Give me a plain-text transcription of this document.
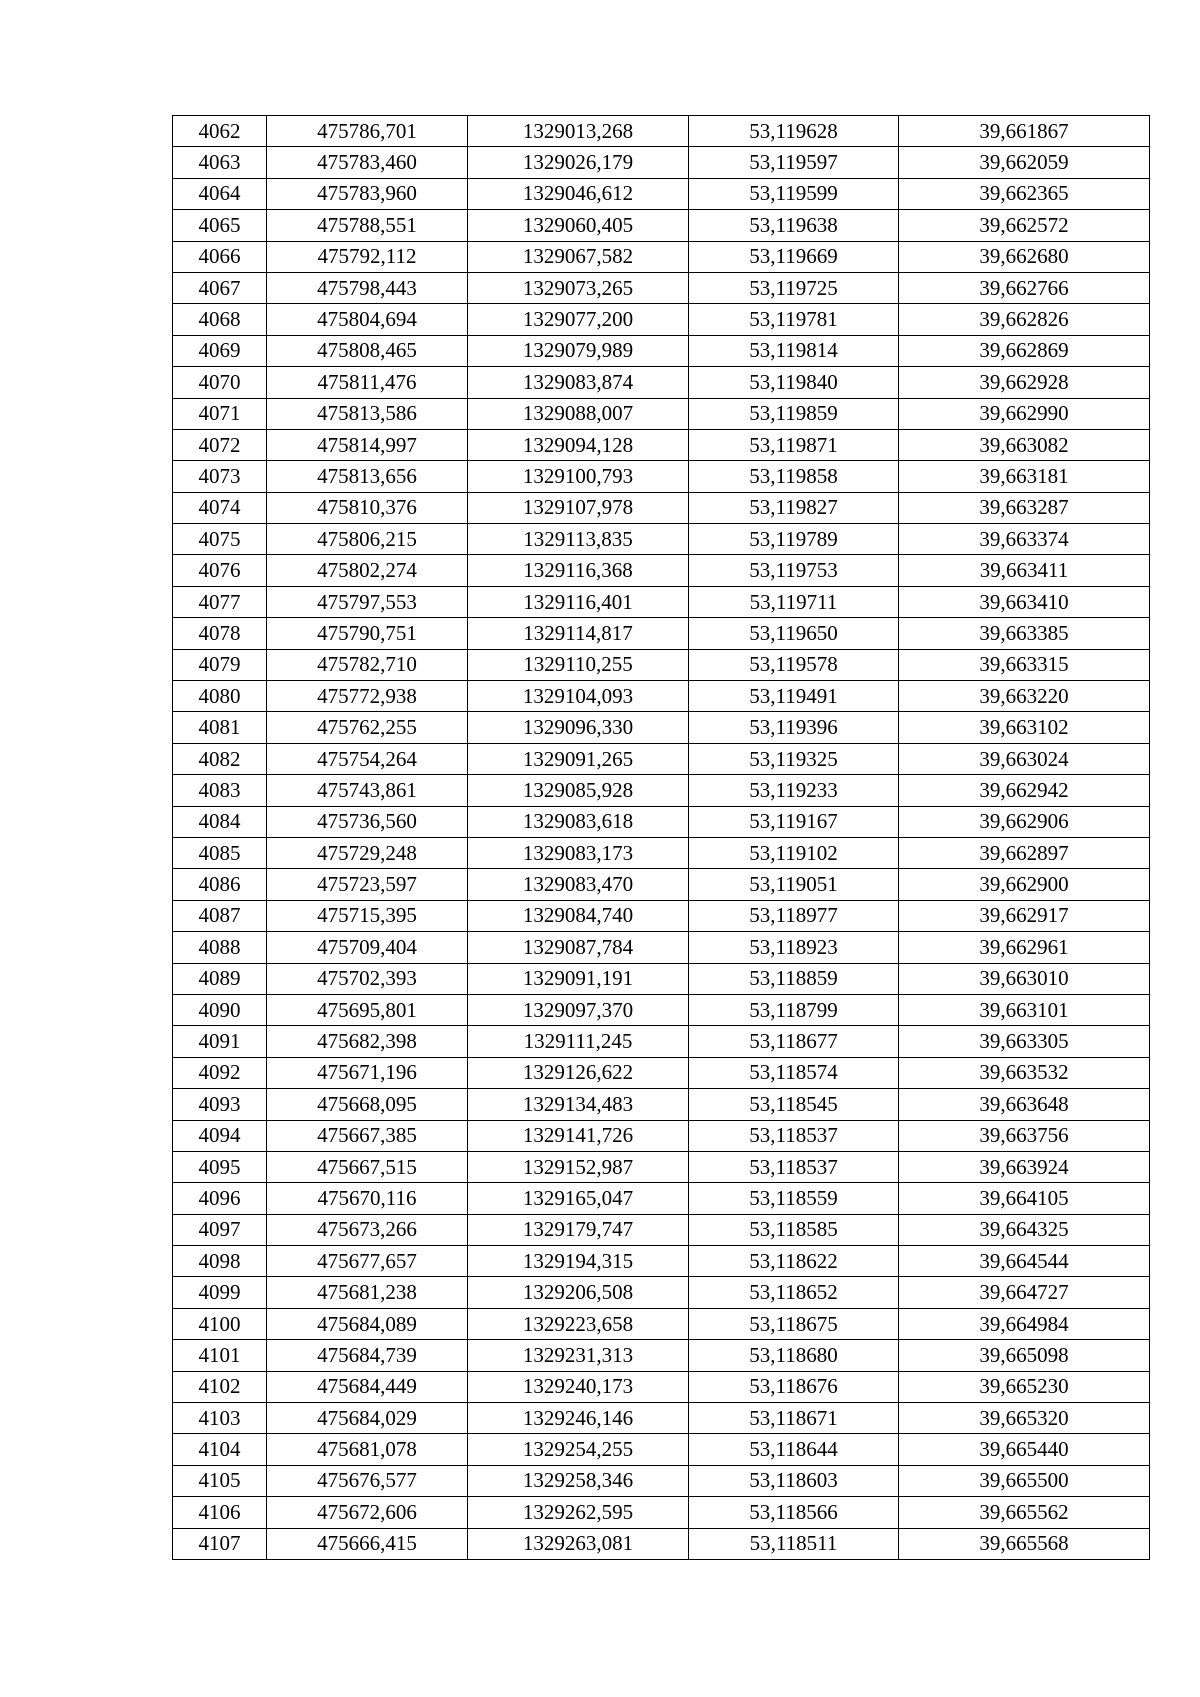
4062	475786,701	1329013,268	53,119628	39,661867
4063	475783,460	1329026,179	53,119597	39,662059
4064	475783,960	1329046,612	53,119599	39,662365
4065	475788,551	1329060,405	53,119638	39,662572
4066	475792,112	1329067,582	53,119669	39,662680
4067	475798,443	1329073,265	53,119725	39,662766
4068	475804,694	1329077,200	53,119781	39,662826
4069	475808,465	1329079,989	53,119814	39,662869
4070	475811,476	1329083,874	53,119840	39,662928
4071	475813,586	1329088,007	53,119859	39,662990
4072	475814,997	1329094,128	53,119871	39,663082
4073	475813,656	1329100,793	53,119858	39,663181
4074	475810,376	1329107,978	53,119827	39,663287
4075	475806,215	1329113,835	53,119789	39,663374
4076	475802,274	1329116,368	53,119753	39,663411
4077	475797,553	1329116,401	53,119711	39,663410
4078	475790,751	1329114,817	53,119650	39,663385
4079	475782,710	1329110,255	53,119578	39,663315
4080	475772,938	1329104,093	53,119491	39,663220
4081	475762,255	1329096,330	53,119396	39,663102
4082	475754,264	1329091,265	53,119325	39,663024
4083	475743,861	1329085,928	53,119233	39,662942
4084	475736,560	1329083,618	53,119167	39,662906
4085	475729,248	1329083,173	53,119102	39,662897
4086	475723,597	1329083,470	53,119051	39,662900
4087	475715,395	1329084,740	53,118977	39,662917
4088	475709,404	1329087,784	53,118923	39,662961
4089	475702,393	1329091,191	53,118859	39,663010
4090	475695,801	1329097,370	53,118799	39,663101
4091	475682,398	1329111,245	53,118677	39,663305
4092	475671,196	1329126,622	53,118574	39,663532
4093	475668,095	1329134,483	53,118545	39,663648
4094	475667,385	1329141,726	53,118537	39,663756
4095	475667,515	1329152,987	53,118537	39,663924
4096	475670,116	1329165,047	53,118559	39,664105
4097	475673,266	1329179,747	53,118585	39,664325
4098	475677,657	1329194,315	53,118622	39,664544
4099	475681,238	1329206,508	53,118652	39,664727
4100	475684,089	1329223,658	53,118675	39,664984
4101	475684,739	1329231,313	53,118680	39,665098
4102	475684,449	1329240,173	53,118676	39,665230
4103	475684,029	1329246,146	53,118671	39,665320
4104	475681,078	1329254,255	53,118644	39,665440
4105	475676,577	1329258,346	53,118603	39,665500
4106	475672,606	1329262,595	53,118566	39,665562
4107	475666,415	1329263,081	53,118511	39,665568
